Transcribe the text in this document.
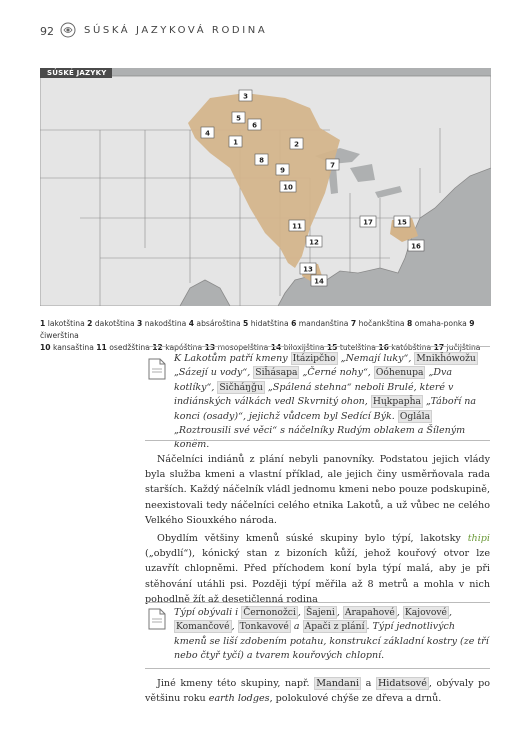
92	SÚSKÁ JAZYKOVÁ RODINA
3
5
6
4
1	2
8
7
9
10
11
12
13
14
15
16
17
SÚSKÉ JAZYKY
1 lakotština 2 dakotština 3 nakodština 4 absároština 5 hidatština 6 mandanština 7 hočankština 8 omaha-ponka 9 čiwerština
10 kansaština 11 osedžština 12 kapóština 13 mosopelština 14 biloxijština 15 tutelština 16 katóbština 17 jučijština
K Lakotům patří kmeny Itázipčho „Nemají luky“, Mnikȟówožu „Sázejí u vody“, Siȟásapa „Černé nohy“, Oóhenupa „Dva kotlíky“, Sičháŋǧu „Spálená stehna“ neboli Brulé, které v indiánských válkách vedl Skvrnitý ohon, Hųkpapȟa „Táboří na konci (osady)“, jejichž vůdcem byl Sedící Býk. Oglála „Roztrousili své věci“ s náčelníky Rudým oblakem a Šíleným koněm.
Náčelníci indiánů z plání nebyli panovníky. Podstatou jejich vlády byla služba kmeni a vlastní příklad, ale jejich činy usměrňovala rada starších. Každý náčelník vládl jednomu kmeni nebo pouze podskupině, neexistovali tedy náčelníci celého etnika Lakotů, a už vůbec ne celého Velkého Siouxkého národa.
Obydlím většiny kmenů súské skupiny bylo týpí, lakotsky thipi („obydlí“), kónický stan z bizoních kůží, jehož kouřový otvor lze uzavřít chlopněmi. Před příchodem koní byla týpí malá, aby je při stěhování utáhli psi. Později týpí měřila až 8 metrů a mohla v nich pohodlně žít až desetičlenná rodina
Týpí obývali i Černonožci , Šajeni , Arapahové , Kajovové , Komančové , Tonkavové a Apači z plání . Týpí jednotlivých kmenů se liší zdobením potahu, konstrukcí základní kostry (ze tří nebo čtyř tyčí) a tvarem kouřových chlopní.
Jiné kmeny této skupiny, např. Mandani a Hidatsové , obývaly po většinu roku earth lodges, polokulové chýše ze dřeva a drnů.
